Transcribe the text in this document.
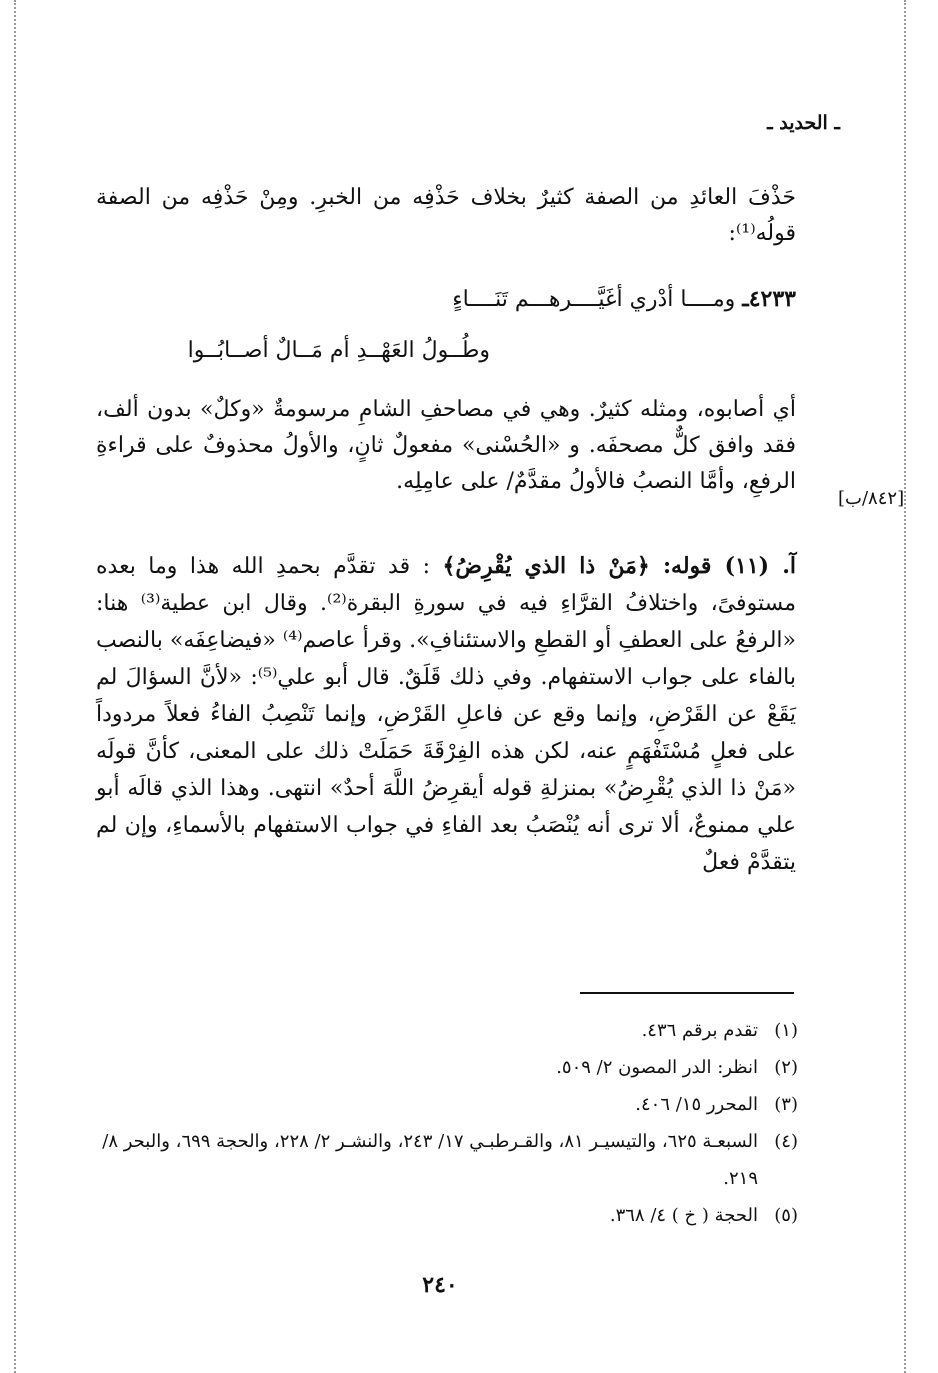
ـ الحديد ـ

حَذْفَ العائدِ من الصفة كثيرٌ بخلاف حَذْفِه من الخبرِ. ومِنْ حَذْفِه من الصفة قولُه⁽¹⁾:

٤٢٣٣ـ ومــــا أدْري أغَيَّــــرهـــم تَنَــــاءٍ
وطُــولُ العَهْــدِ أم مَــالٌ أصــابُــوا

أي أصابوه، ومثله كثيرٌ. وهي في مصاحفِ الشامِ مرسومةٌ «وكلٌ» بدون ألف، فقد وافق كلٌّ مصحفَه. و «الحُسْنى» مفعولٌ ثانٍ، والأولُ محذوفٌ على قراءةِ الرفعِ، وأمَّا النصبُ فالأولُ مقدَّمٌ/ على عامِلِه.

[٨٤٢/ب]

آ. (١١) قوله: ﴿مَنْ ذا الذي يُقْرِضُ﴾ : قد تقدَّم بحمدِ الله هذا وما بعده مستوفىً، واختلافُ القرَّاءِ فيه في سورةِ البقرة⁽²⁾. وقال ابن عطية⁽³⁾ هنا: «الرفعُ على العطفِ أو القطعِ والاستئنافِ». وقرأ عاصم⁽⁴⁾ «فيضاعِفَه» بالنصب بالفاء على جواب الاستفهام. وفي ذلك قَلَقٌ. قال أبو علي⁽⁵⁾: «لأنَّ السؤالَ لم يَقَعْ عن القَرْضِ، وإنما وقع عن فاعلِ القَرْضِ، وإنما تَنْصِبُ الفاءُ فعلاً مردوداً على فعلٍ مُسْتَفْهَمٍ عنه، لكن هذه الفِرْقَةَ حَمَلَتْ ذلك على المعنى، كأنَّ قولَه «مَنْ ذا الذي يُقْرِضُ» بمنزلةِ قوله أيقرِضُ اللَّهَ أحدٌ» انتهى. وهذا الذي قالَه أبو علي ممنوعٌ، ألا ترى أنه يُنْصَبُ بعد الفاءِ في جواب الاستفهام بالأسماءِ، وإن لم يتقدَّمْ فعلٌ

(١)
تقدم برقم ٤٣٦.
(٢)
انظر: الدر المصون ٢/ ٥٠٩.
(٣)
المحرر ١٥/ ٤٠٦.
(٤)
السبعـة ٦٢٥، والتيسيـر ٨١، والقـرطبـي ١٧/ ٢٤٣، والنشـر ٢/ ٢٢٨، والحجة ٦٩٩، والبحر ٨/ ٢١٩.
(٥)
الحجة ( خ ) ٤/ ٣٦٨.
٢٤٠
